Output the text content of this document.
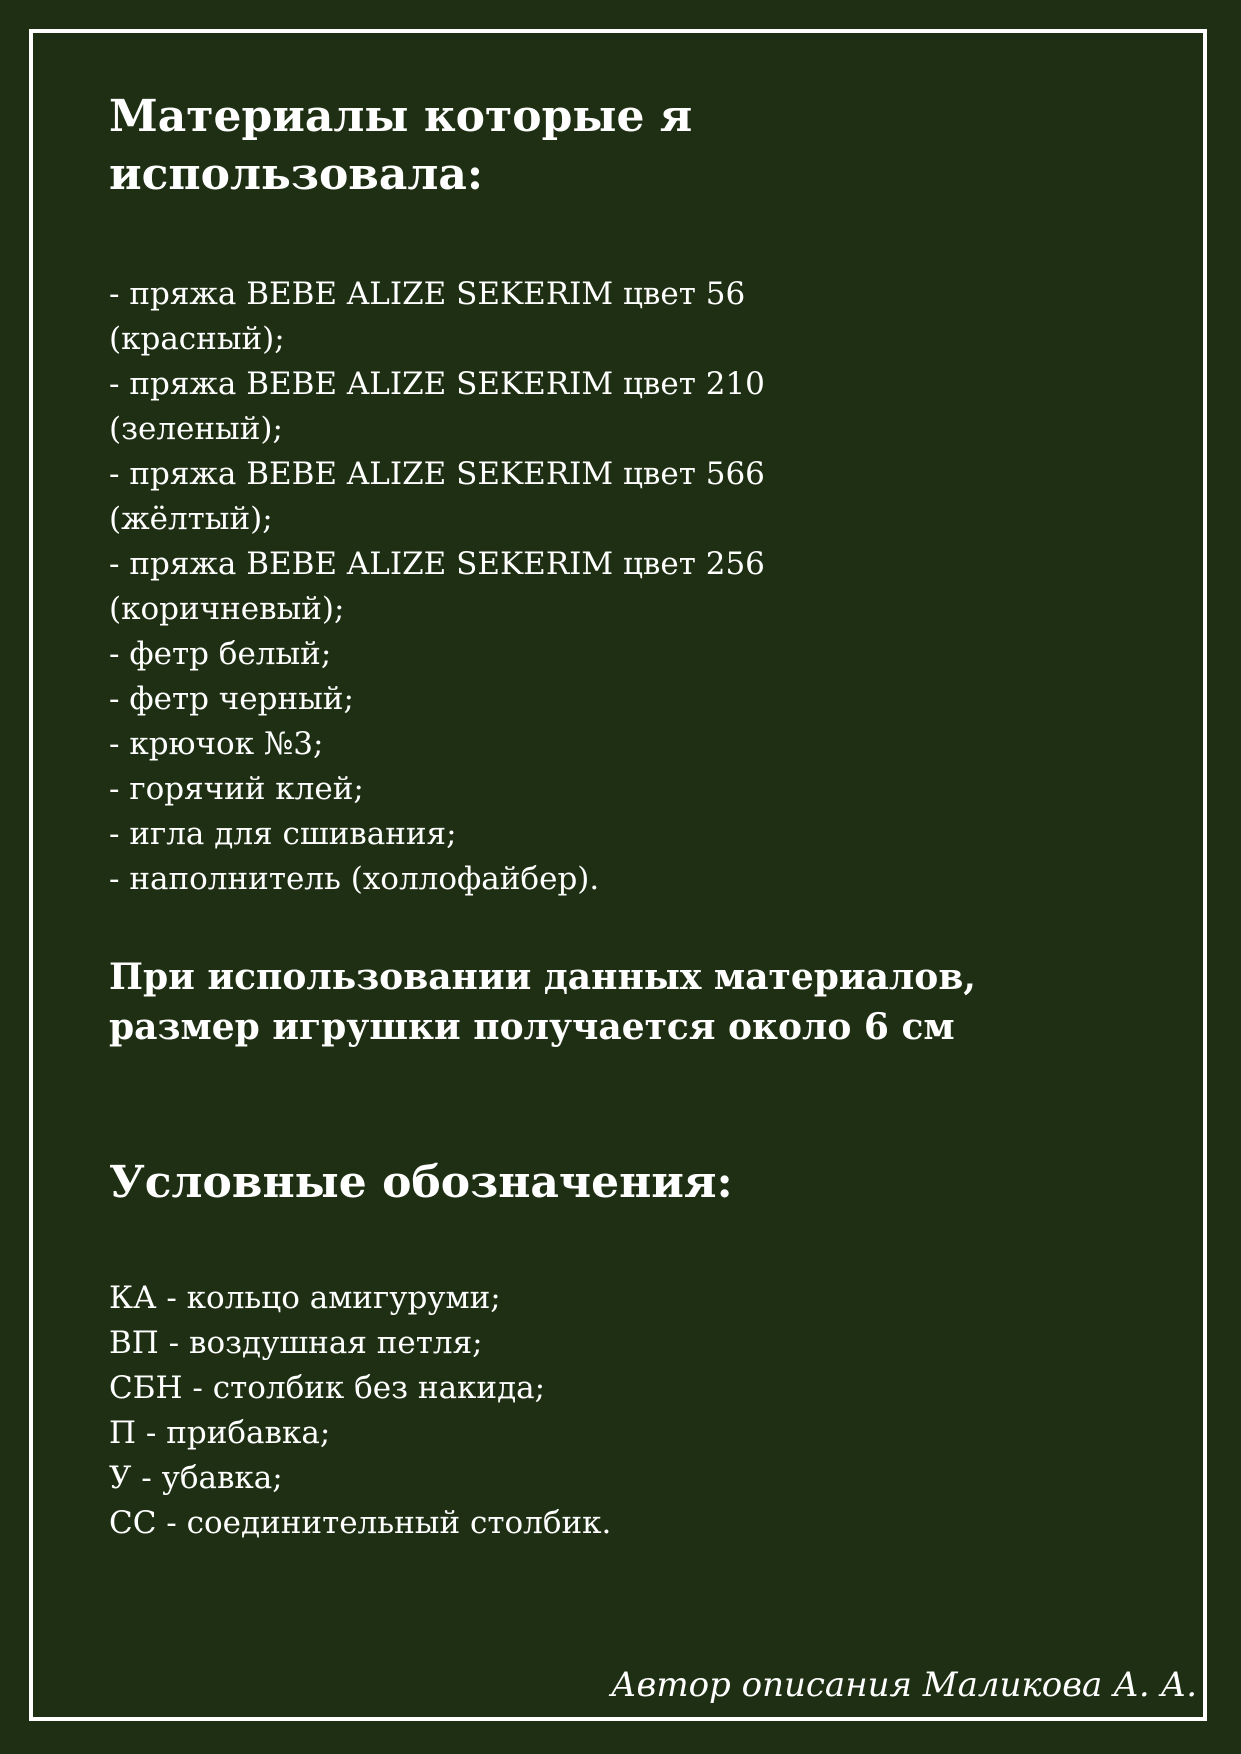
Материалы которые я использовала:
- пряжа BEBE ALIZE SEKERIM цвет 56 (красный);
- пряжа BEBE ALIZE SEKERIM цвет 210 (зеленый);
- пряжа BEBE ALIZE SEKERIM цвет 566 (жёлтый);
- пряжа BEBE ALIZE SEKERIM цвет 256 (коричневый);
- фетр белый;
- фетр черный;
- крючок №3;
- горячий клей;
- игла для сшивания;
- наполнитель (холлофайбер).

При использовании данных материалов, размер игрушки получается около 6 см

Условные обозначения:
КА - кольцо амигуруми;
ВП - воздушная петля;
СБН - столбик без накида;
П - прибавка;
У - убавка;
СС - соединительный столбик.
Автор описания Маликова А. А.
